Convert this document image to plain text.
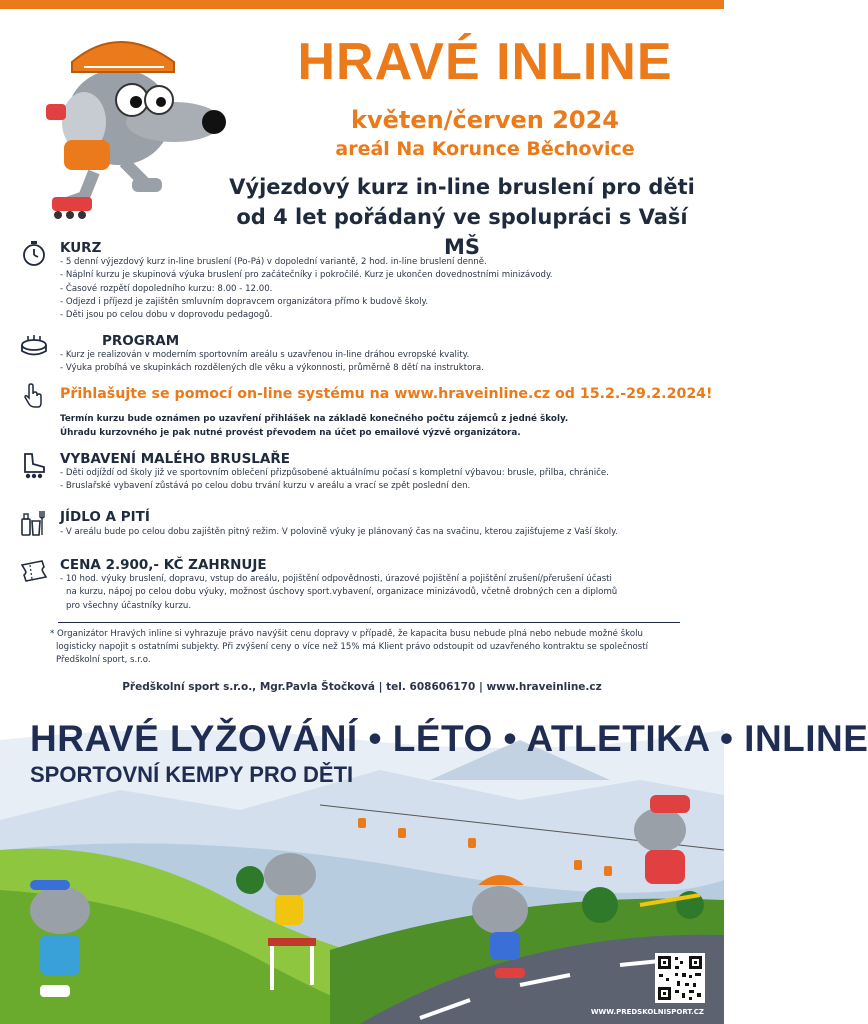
HRAVÉ INLINE
květen/červen 2024
areál Na Korunce Běchovice
Výjezdový kurz in-line bruslení pro děti
od 4 let pořádaný ve spolupráci s Vaší MŠ
KURZ
- 5 denní výjezdový kurz in-line bruslení (Po-Pá) v dopolední variantě, 2 hod. in-line bruslení denně.
- Náplní kurzu je skupinová výuka bruslení pro začátečníky i pokročilé. Kurz je ukončen dovednostními minizávody.
- Časové rozpětí dopoledního kurzu: 8.00 - 12.00.
- Odjezd i příjezd je zajištěn smluvním dopravcem organizátora přímo k budově školy.
- Děti jsou po celou dobu v doprovodu pedagogů.
PROGRAM
- Kurz je realizován v moderním sportovním areálu s uzavřenou in-line dráhou evropské kvality.
- Výuka probíhá ve skupinkách rozdělených dle věku a výkonnosti, průměrně 8 dětí na instruktora.
Přihlašujte se pomocí on-line systému na www.hraveinline.cz od 15.2.-29.2.2024!
Termín kurzu bude oznámen po uzavření přihlášek na základě konečného počtu zájemců z jedné školy.
Úhradu kurzovného je pak nutné provést převodem na účet po emailové výzvě organizátora.
VYBAVENÍ MALÉHO BRUSLAŘE
- Děti odjíždí od školy již ve sportovním oblečení přizpůsobené aktuálnímu počasí s kompletní výbavou: brusle, přilba, chrániče.
- Bruslařské vybavení zůstává po celou dobu trvání kurzu v areálu a vrací se zpět poslední den.
JÍDLO A PITÍ
- V areálu bude po celou dobu zajištěn pitný režim. V polovině výuky je plánovaný čas na svačinu, kterou zajišťujeme z Vaší školy.
CENA 2.900,- KČ ZAHRNUJE
- 10 hod. výuky bruslení, dopravu, vstup do areálu, pojištění odpovědnosti, úrazové pojištění a pojištění zrušení/přerušení účasti
na kurzu, nápoj po celou dobu výuky, možnost úschovy sport.vybavení, organizace minizávodů, včetně drobných cen a diplomů
pro všechny účastníky kurzu.
* Organizátor Hravých inline si vyhrazuje právo navýšit cenu dopravy v případě, že kapacita busu nebude plná nebo nebude možné školu
logisticky napojit s ostatními subjekty. Při zvýšení ceny o více než 15% má Klient právo odstoupit od uzavřeného kontraktu se společností
Předškolní sport, s.r.o.
Předškolní sport s.r.o., Mgr.Pavla Štočková | tel. 608606170 | www.hraveinline.cz
HRAVÉ LYŽOVÁNÍ • LÉTO • ATLETIKA • INLINE
SPORTOVNÍ KEMPY PRO DĚTI
WWW.PREDSKOLNISPORT.CZ
